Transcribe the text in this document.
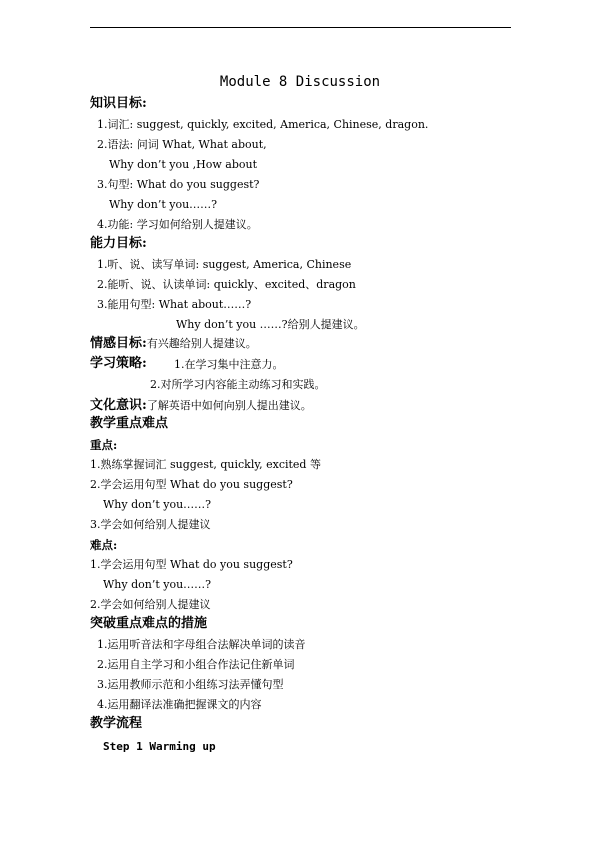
Module 8 Discussion
知识目标:
1.词汇: suggest, quickly, excited, America, Chinese, dragon.
2.语法: 问词 What, What about,
Why don’t you ,How about
3.句型: What do you suggest?
Why don’t you……?
4.功能: 学习如何给别人提建议。
能力目标:
1.听、说、读写单词: suggest, America, Chinese
2.能听、说、认读单词: quickly、excited、dragon
3.能用句型: What about……?
Why don’t you ……?给别人提建议。
情感目标:有兴趣给别人提建议。
学习策略: 1.在学习集中注意力。
2.对所学习内容能主动练习和实践。
文化意识:了解英语中如何向别人提出建议。
教学重点难点
重点:
1.熟练掌握词汇 suggest, quickly, excited 等
2.学会运用句型 What do you suggest?
Why don’t you……?
3.学会如何给别人提建议
难点:
1.学会运用句型 What do you suggest?
Why don’t you……?
2.学会如何给别人提建议
突破重点难点的措施
1.运用听音法和字母组合法解决单词的读音
2.运用自主学习和小组合作法记住新单词
3.运用教师示范和小组练习法弄懂句型
4.运用翻译法准确把握课文的内容
教学流程
Step 1 Warming up
